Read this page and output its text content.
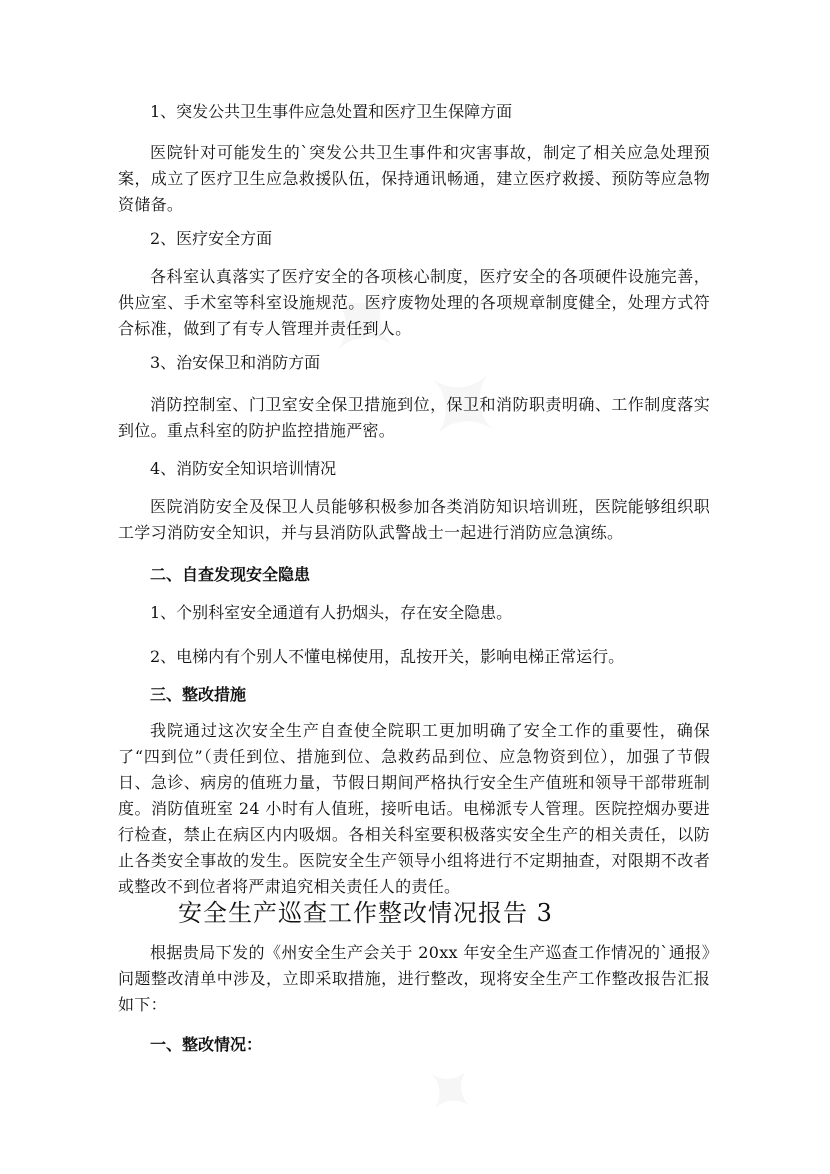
1、突发公共卫生事件应急处置和医疗卫生保障方面

医院针对可能发生的`突发公共卫生事件和灾害事故，制定了相关应急处理预案，成立了医疗卫生应急救援队伍，保持通讯畅通，建立医疗救援、预防等应急物资储备。

2、医疗安全方面

各科室认真落实了医疗安全的各项核心制度，医疗安全的各项硬件设施完善，供应室、手术室等科室设施规范。医疗废物处理的各项规章制度健全，处理方式符合标准，做到了有专人管理并责任到人。

3、治安保卫和消防方面

消防控制室、门卫室安全保卫措施到位，保卫和消防职责明确、工作制度落实到位。重点科室的防护监控措施严密。

4、消防安全知识培训情况

医院消防安全及保卫人员能够积极参加各类消防知识培训班，医院能够组织职工学习消防安全知识，并与县消防队武警战士一起进行消防应急演练。

二、自查发现安全隐患

1、个别科室安全通道有人扔烟头，存在安全隐患。

2、电梯内有个别人不懂电梯使用，乱按开关，影响电梯正常运行。

三、整改措施

我院通过这次安全生产自查使全院职工更加明确了安全工作的重要性，确保了“四到位”（责任到位、措施到位、急救药品到位、应急物资到位），加强了节假日、急诊、病房的值班力量，节假日期间严格执行安全生产值班和领导干部带班制度。消防值班室 24 小时有人值班，接听电话。电梯派专人管理。医院控烟办要进行检查，禁止在病区内内吸烟。各相关科室要积极落实安全生产的相关责任，以防止各类安全事故的发生。医院安全生产领导小组将进行不定期抽查，对限期不改者或整改不到位者将严肃追究相关责任人的责任。

安全生产巡查工作整改情况报告 3

根据贵局下发的《州安全生产会关于 20xx 年安全生产巡查工作情况的`通报》问题整改清单中涉及，立即采取措施，进行整改，现将安全生产工作整改报告汇报如下：

一、整改情况：
